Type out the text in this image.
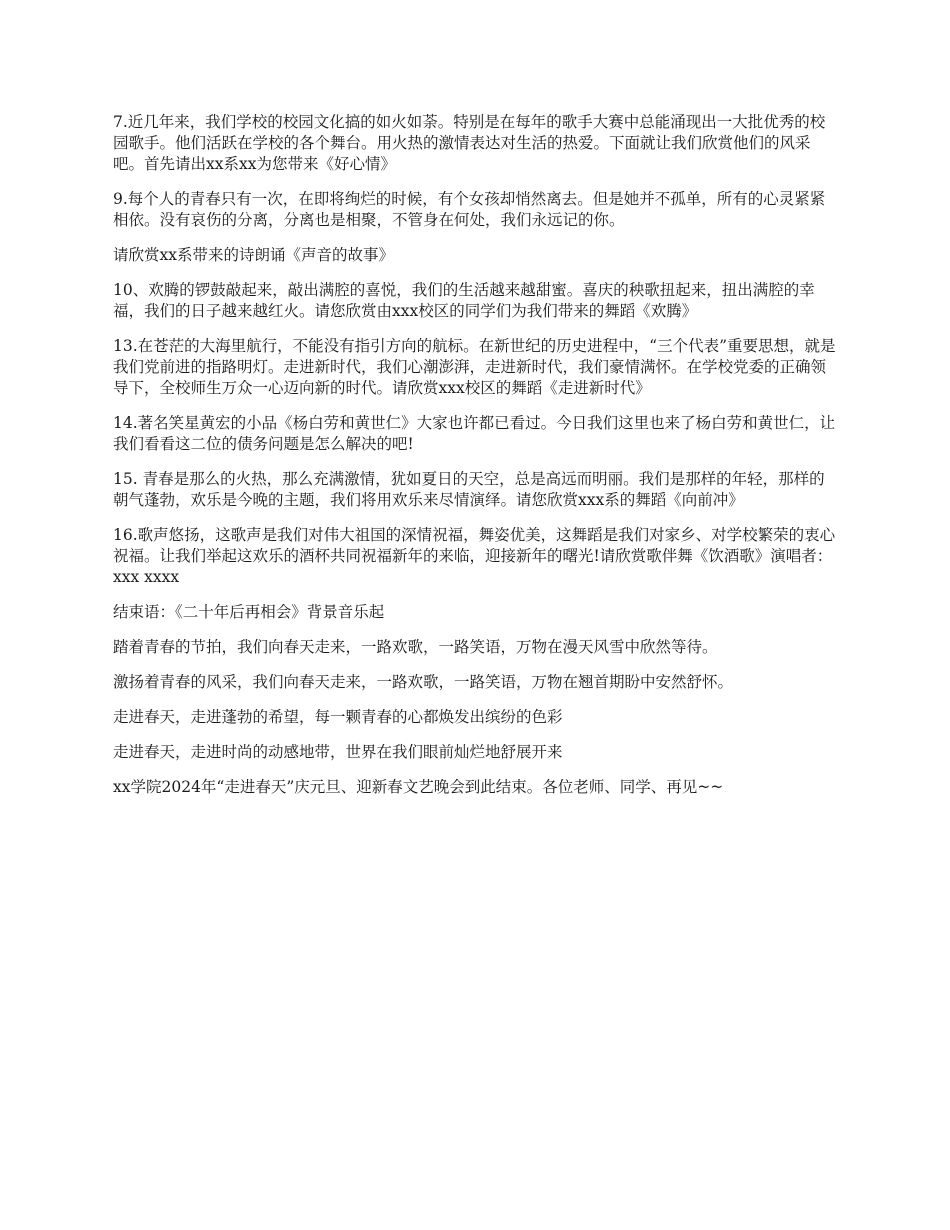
7.近几年来，我们学校的校园文化搞的如火如荼。特别是在每年的歌手大赛中总能涌现出一大批优秀的校园歌手。他们活跃在学校的各个舞台。用火热的激情表达对生活的热爱。下面就让我们欣赏他们的风采吧。首先请出xx系xx为您带来《好心情》

9.每个人的青春只有一次，在即将绚烂的时候，有个女孩却悄然离去。但是她并不孤单，所有的心灵紧紧相依。没有哀伤的分离，分离也是相聚，不管身在何处，我们永远记的你。

请欣赏xx系带来的诗朗诵《声音的故事》

10、欢腾的锣鼓敲起来，敲出满腔的喜悦，我们的生活越来越甜蜜。喜庆的秧歌扭起来，扭出满腔的幸福，我们的日子越来越红火。请您欣赏由xxx校区的同学们为我们带来的舞蹈《欢腾》

13.在苍茫的大海里航行，不能没有指引方向的航标。在新世纪的历史进程中，“三个代表”重要思想，就是我们党前进的指路明灯。走进新时代，我们心潮澎湃，走进新时代，我们豪情满怀。在学校党委的正确领导下，全校师生万众一心迈向新的时代。请欣赏xxx校区的舞蹈《走进新时代》

14.著名笑星黄宏的小品《杨白劳和黄世仁》大家也许都已看过。今日我们这里也来了杨白劳和黄世仁，让我们看看这二位的债务问题是怎么解决的吧!

15. 青春是那么的火热，那么充满激情，犹如夏日的天空，总是高远而明丽。我们是那样的年轻，那样的朝气蓬勃，欢乐是今晚的主题，我们将用欢乐来尽情演绎。请您欣赏xxx系的舞蹈《向前冲》

16.歌声悠扬，这歌声是我们对伟大祖国的深情祝福，舞姿优美，这舞蹈是我们对家乡、对学校繁荣的衷心祝福。让我们举起这欢乐的酒杯共同祝福新年的来临，迎接新年的曙光!请欣赏歌伴舞《饮酒歌》演唱者：xxx xxxx

结束语：《二十年后再相会》背景音乐起

踏着青春的节拍，我们向春天走来，一路欢歌，一路笑语，万物在漫天风雪中欣然等待。

激扬着青春的风采，我们向春天走来，一路欢歌，一路笑语，万物在翘首期盼中安然舒怀。

走进春天，走进蓬勃的希望，每一颗青春的心都焕发出缤纷的色彩

走进春天，走进时尚的动感地带，世界在我们眼前灿烂地舒展开来

xx学院2024年“走进春天”庆元旦、迎新春文艺晚会到此结束。各位老师、同学、再见~~
